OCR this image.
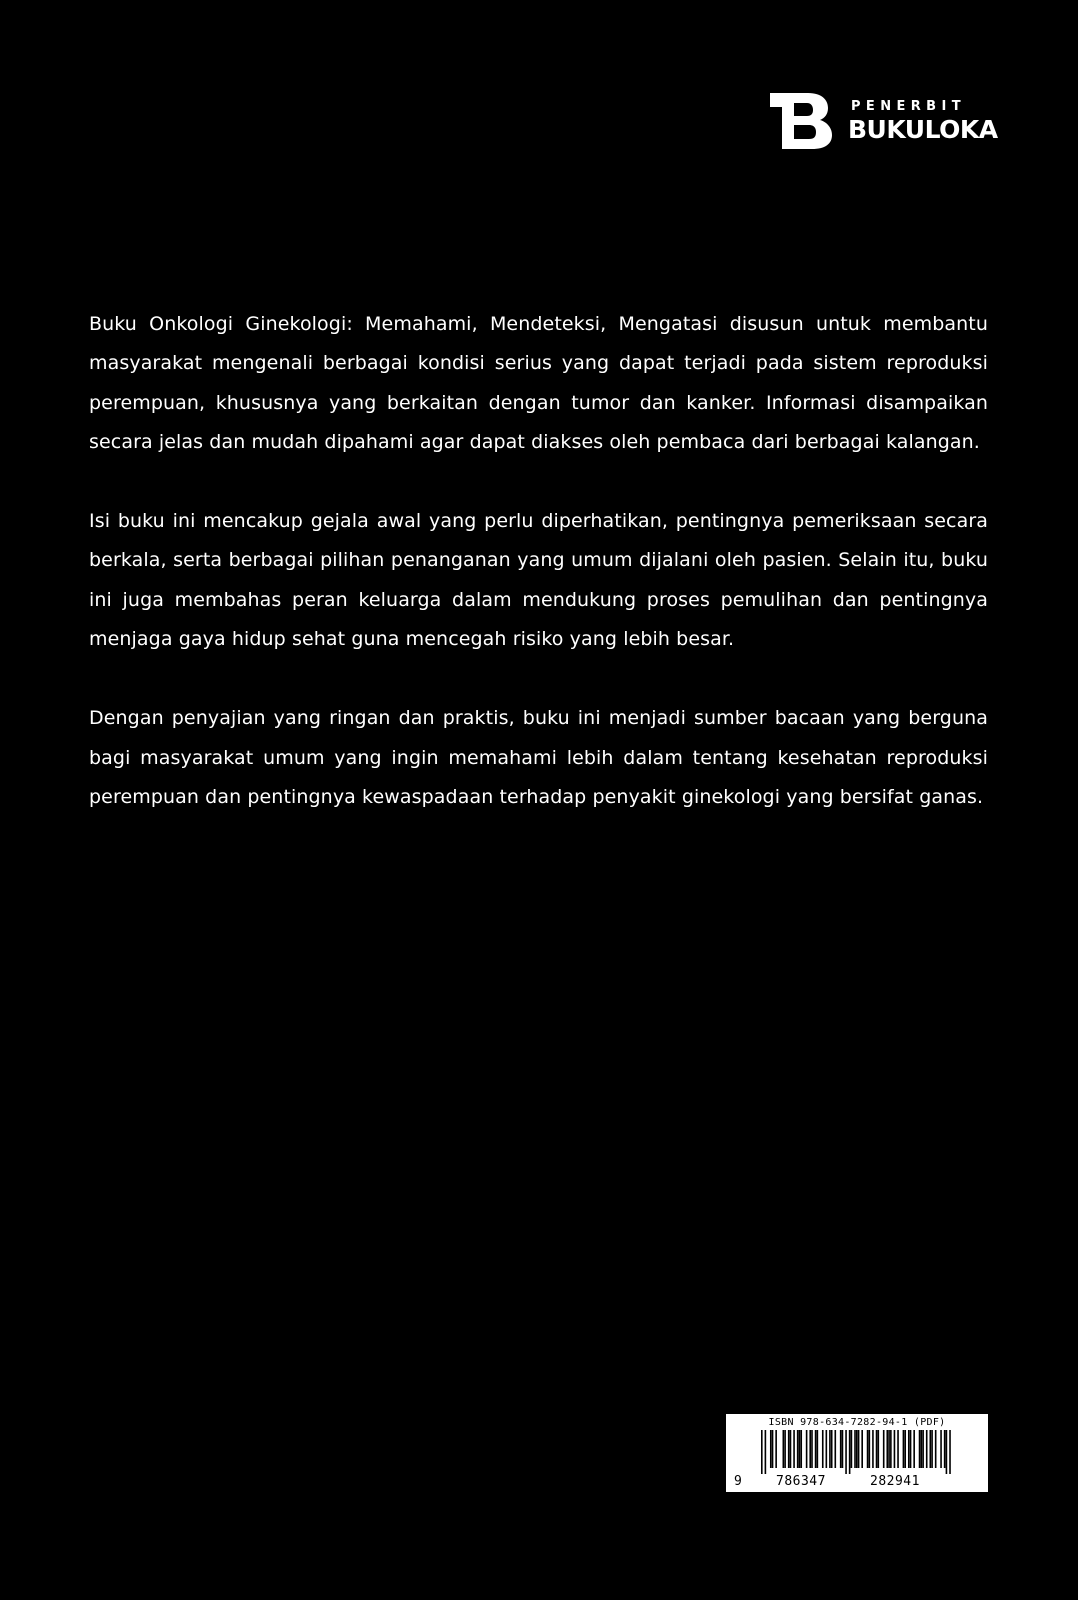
PENERBIT
BUKULOKA

Buku Onkologi Ginekologi: Memahami, Mendeteksi, Mengatasi disusun untuk membantu masyarakat mengenali berbagai kondisi serius yang dapat terjadi pada sistem reproduksi perempuan, khususnya yang berkaitan dengan tumor dan kanker. Informasi disampaikan secara jelas dan mudah dipahami agar dapat diakses oleh pembaca dari berbagai kalangan.

Isi buku ini mencakup gejala awal yang perlu diperhatikan, pentingnya pemeriksaan secara berkala, serta berbagai pilihan penanganan yang umum dijalani oleh pasien. Selain itu, buku ini juga membahas peran keluarga dalam mendukung proses pemulihan dan pentingnya menjaga gaya hidup sehat guna mencegah risiko yang lebih besar.

Dengan penyajian yang ringan dan praktis, buku ini menjadi sumber bacaan yang berguna bagi masyarakat umum yang ingin memahami lebih dalam tentang kesehatan reproduksi perempuan dan pentingnya kewaspadaan terhadap penyakit ginekologi yang bersifat ganas.

ISBN 978-634-7282-94-1 (PDF)
9	786347	282941
